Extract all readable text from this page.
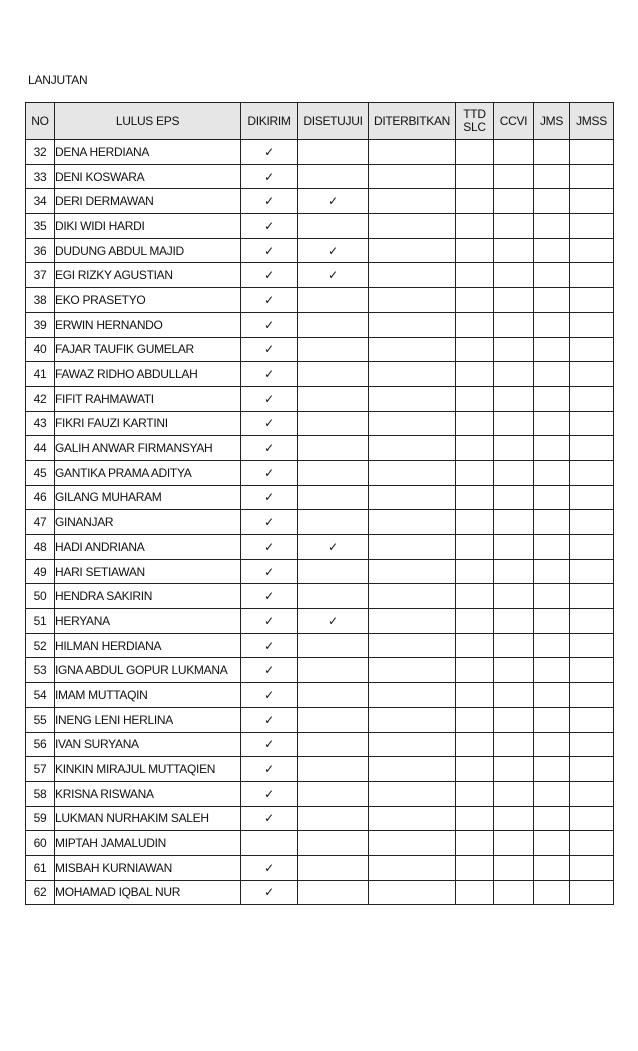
LANJUTAN
NO	LULUS EPS	DIKIRIM	DISETUJUI	DITERBITKAN	TTD SLC	CCVI	JMS	JMSS
32	DENA HERDIANA	✓						
33	DENI KOSWARA	✓						
34	DERI DERMAWAN	✓	✓					
35	DIKI WIDI HARDI	✓						
36	DUDUNG ABDUL MAJID	✓	✓					
37	EGI RIZKY AGUSTIAN	✓	✓					
38	EKO PRASETYO	✓						
39	ERWIN HERNANDO	✓						
40	FAJAR TAUFIK GUMELAR	✓						
41	FAWAZ RIDHO ABDULLAH	✓						
42	FIFIT RAHMAWATI	✓						
43	FIKRI FAUZI KARTINI	✓						
44	GALIH ANWAR FIRMANSYAH	✓						
45	GANTIKA PRAMA ADITYA	✓						
46	GILANG MUHARAM	✓						
47	GINANJAR	✓						
48	HADI ANDRIANA	✓	✓					
49	HARI SETIAWAN	✓						
50	HENDRA SAKIRIN	✓						
51	HERYANA	✓	✓					
52	HILMAN HERDIANA	✓						
53	IGNA ABDUL GOPUR LUKMANA	✓						
54	IMAM MUTTAQIN	✓						
55	INENG LENI HERLINA	✓						
56	IVAN SURYANA	✓						
57	KINKIN MIRAJUL MUTTAQIEN	✓						
58	KRISNA RISWANA	✓						
59	LUKMAN NURHAKIM SALEH	✓						
60	MIPTAH JAMALUDIN							
61	MISBAH KURNIAWAN	✓						
62	MOHAMAD IQBAL NUR	✓						
